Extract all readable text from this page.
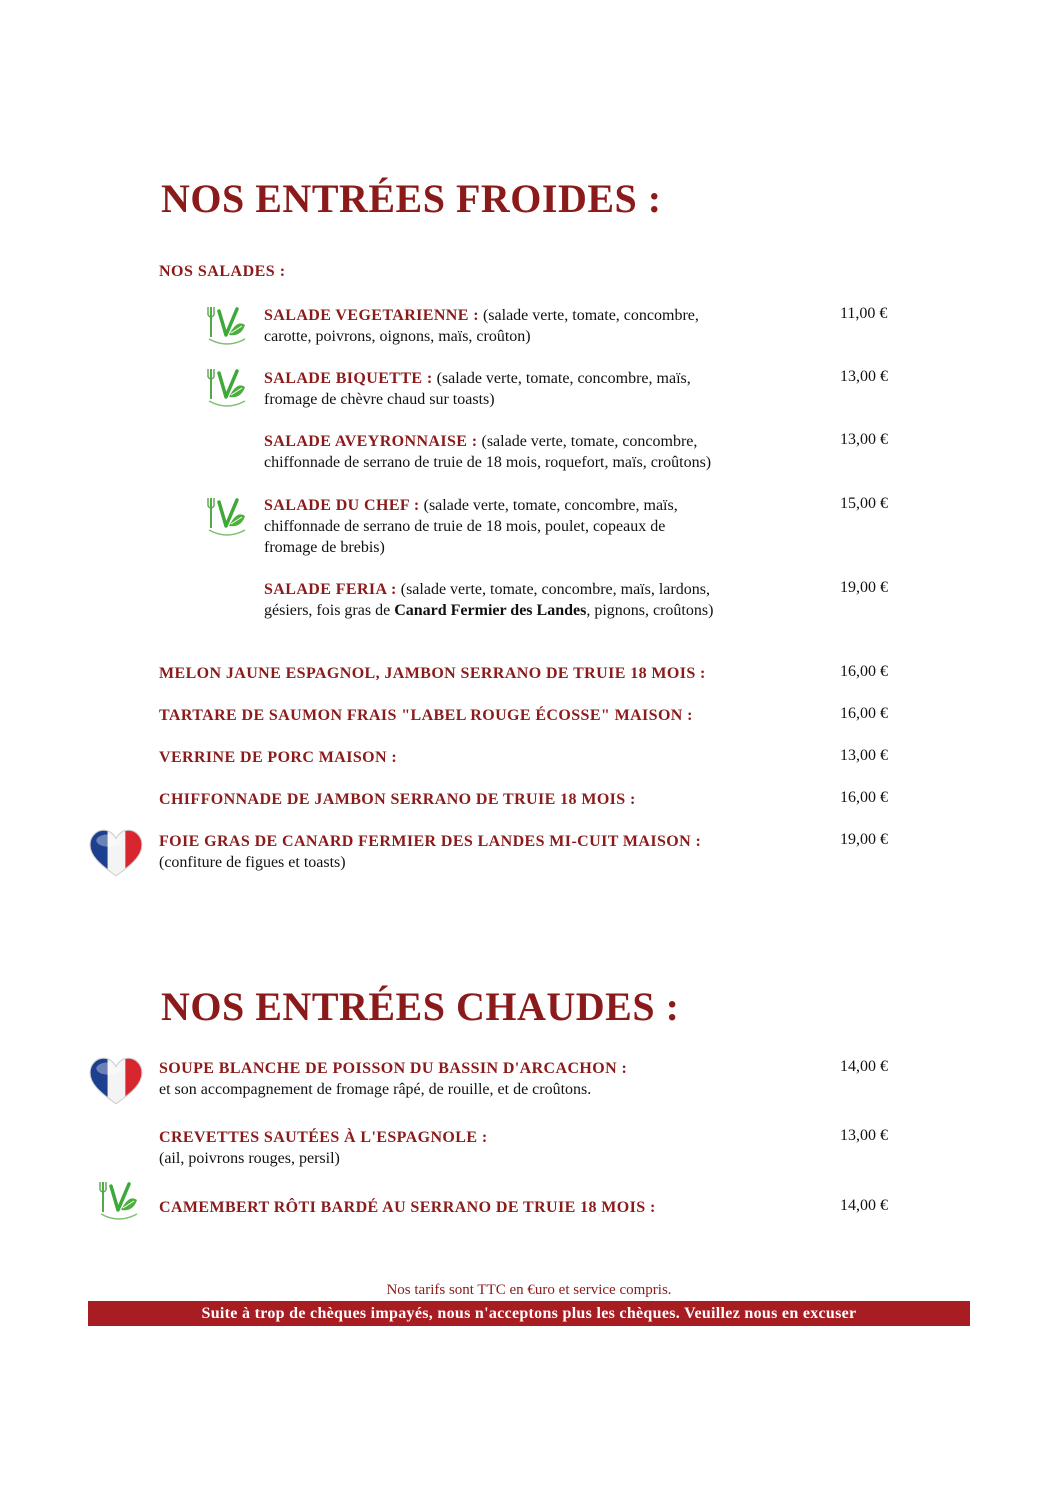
NOS ENTRÉES FROIDES :
NOS SALADES :
SALADE VEGETARIENNE : (salade verte, tomate, concombre,
carotte, poivrons, oignons, maïs, croûton)
11,00 €
SALADE BIQUETTE : (salade verte, tomate, concombre, maïs,
fromage de chèvre chaud sur toasts)
13,00 €
SALADE AVEYRONNAISE : (salade verte, tomate, concombre,
chiffonnade de serrano de truie de 18 mois, roquefort, maïs, croûtons)
13,00 €
SALADE DU CHEF : (salade verte, tomate, concombre, maïs,
chiffonnade de serrano de truie de 18 mois, poulet, copeaux de
fromage de brebis)
15,00 €
SALADE FERIA : (salade verte, tomate, concombre, maïs, lardons,
gésiers, fois gras de Canard Fermier des Landes, pignons, croûtons)
19,00 €
MELON JAUNE ESPAGNOL, JAMBON SERRANO DE TRUIE 18 MOIS :	16,00 €
TARTARE DE SAUMON FRAIS "LABEL ROUGE ÉCOSSE" MAISON :	16,00 €
VERRINE DE PORC MAISON :	13,00 €
CHIFFONNADE DE JAMBON SERRANO DE TRUIE 18 MOIS :	16,00 €
FOIE GRAS DE CANARD FERMIER DES LANDES MI-CUIT MAISON :
(confiture de figues et toasts)
19,00 €
NOS ENTRÉES CHAUDES :
SOUPE BLANCHE DE POISSON DU BASSIN D'ARCACHON :
et son accompagnement de fromage râpé, de rouille, et de croûtons.
14,00 €
CREVETTES SAUTÉES À L'ESPAGNOLE :
(ail, poivrons rouges, persil)
13,00 €
CAMEMBERT RÔTI BARDÉ AU SERRANO DE TRUIE 18 MOIS :	14,00 €
Nos tarifs sont TTC en €uro et service compris.
Suite à trop de chèques impayés, nous n'acceptons plus les chèques. Veuillez nous en excuser
